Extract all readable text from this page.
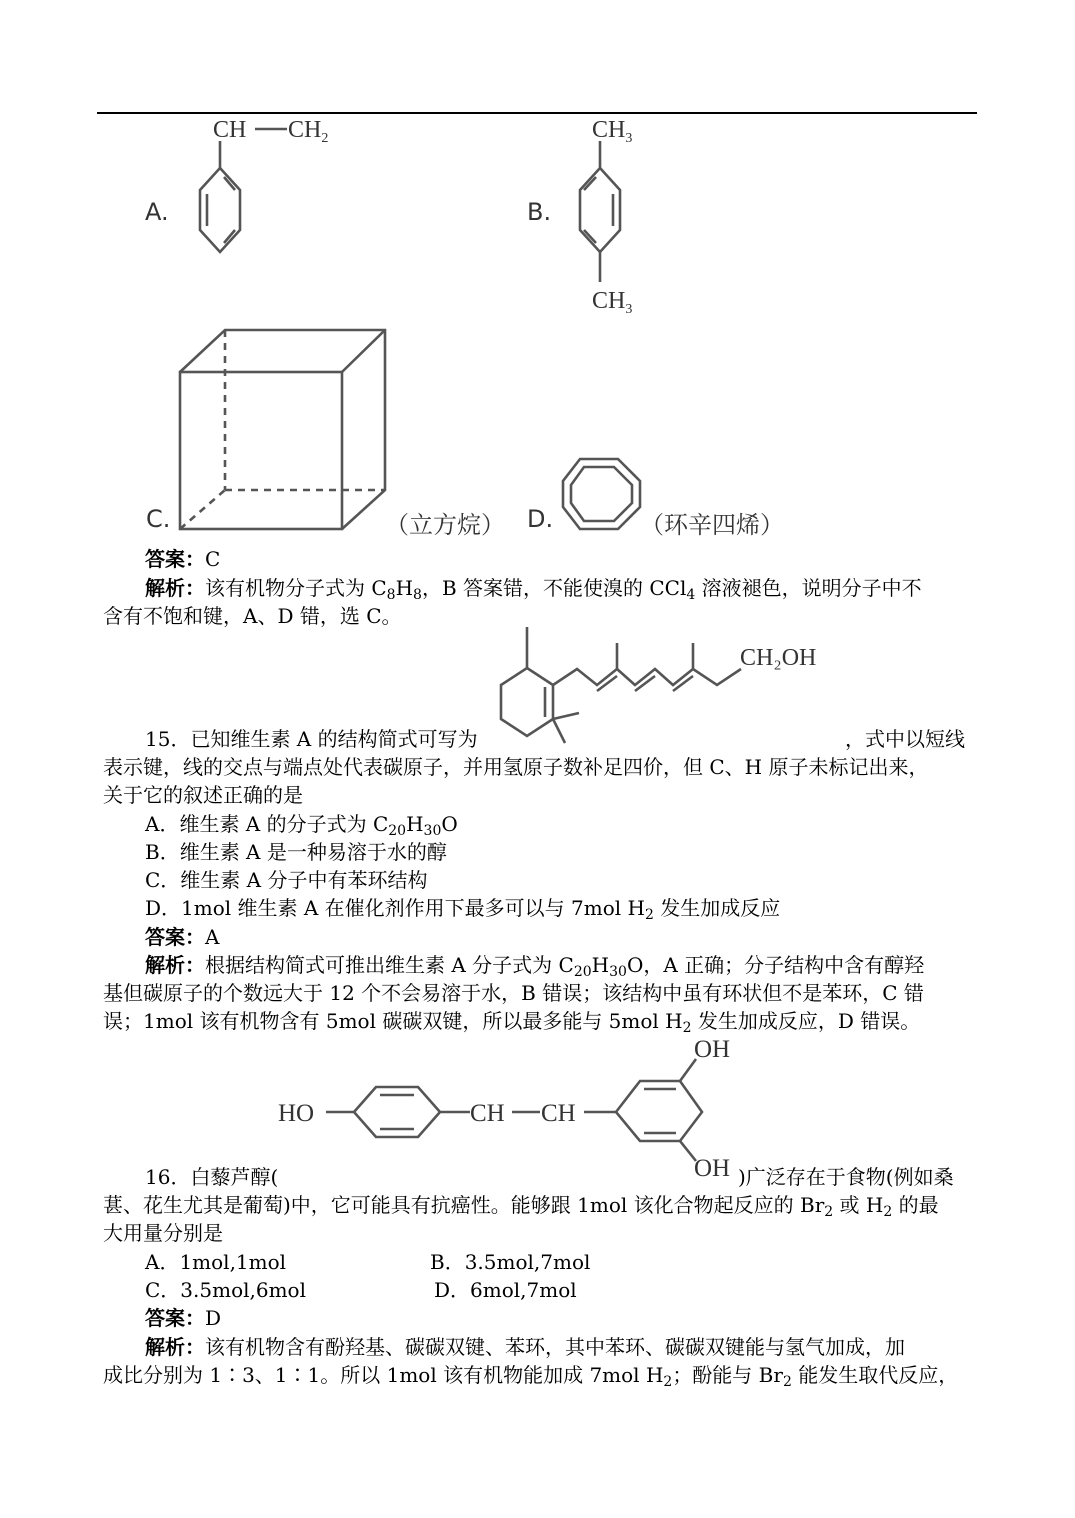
A.
CH $CH_2$
B.
$CH_3$
$CH_3$
C.	（立方烷） D.	（环辛四烯）
答案：C
解析：该有机物分子式为 $C_8H_8$，B 答案错，不能使溴的 CCl$_4$ 溶液褪色，说明分子中不
含有不饱和键，A、D 错，选 C。
CH₂OH
15．已知维生素 A 的结构简式可写为	，式中以短线
表示键，线的交点与端点处代表碳原子，并用氢原子数补足四价，但 C、H 原子未标记出来，
关于它的叙述正确的是
A．维生素 A 的分子式为 $C_{20}H_{30}O$
B．维生素 A 是一种易溶于水的醇
C．维生素 A 分子中有苯环结构
D．1mol 维生素 A 在催化剂作用下最多可以与 7mol $H_2$ 发生加成反应
答案：A
解析：根据结构简式可推出维生素 A 分子式为 $C_{20}H_{30}O$，A 正确；分子结构中含有醇羟
基但碳原子的个数远大于 12 个不会易溶于水，B 错误；该结构中虽有环状但不是苯环，C 错
误；1mol 该有机物含有 5mol 碳碳双键，所以最多能与 5mol $H_2$ 发生加成反应，D 错误。
HO	CH CH
OH
16．白藜芦醇(	OH )广泛存在于食物(例如桑
葚、花生尤其是葡萄)中，它可能具有抗癌性。能够跟 1mol 该化合物起反应的 $Br_2$ 或 $H_2$ 的最
大用量分别是
A．1mol,1mol	B．3.5mol,7mol
C．3.5mol,6mol	D．6mol,7mol
答案：D
解析：该有机物含有酚羟基、碳碳双键、苯环，其中苯环、碳碳双键能与氢气加成，加
成比分别为 1∶3、1∶1。所以 1mol 该有机物能加成 7mol $H_2$；酚能与 $Br_2$ 能发生取代反应，
